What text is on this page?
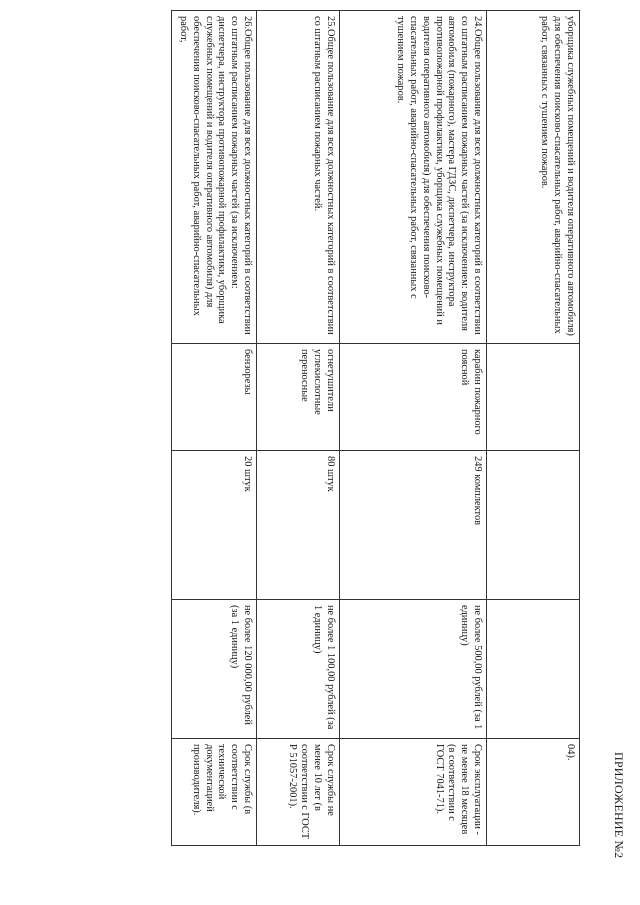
ПРИЛОЖЕНИЕ №2
уборщика служебных помещений и водителя оперативного автомобиля) для обеспечения поисково-спасательных работ, аварийно-спасательных работ, связанных с тушением пожаров.				04).
24.Общее пользование для всех должностных категорий в соответствии со штатным расписанием пожарных частей (за исключением: водителя автомобиля (пожарного), мастера ГДЗС, диспетчера, инструктора противопожарной профилактики, уборщика служебных помещений и водителя оперативного автомобиля) для обеспечения поисково-спасательных работ, аварийно-спасательных работ, связанных с тушением пожаров.	карабин пожарного поясной	249 комплектов	не более 500,00 рублей (за 1 единицу)	Срок эксплуатации - не менее 18 месяцев (в соответствии с ГОСТ 7041-71).
25.Общее пользование для всех должностных категорий в соответствии со штатным расписанием пожарных частей.	огнетушители углекислотные переносные	80 штук	не более 1 100,00 рублей (за 1 единицу)	Срок службы не менее 10 лет (в соответствии с ГОСТ Р 51057-2001).
26.Общее пользование для всех должностных категорий в соответствии со штатным расписанием пожарных частей (за исключением: диспетчера, инструктора противопожарной профилактики, уборщика служебных помещений и водителя оперативного автомобиля) для обеспечения поисково-спасательных работ, аварийно-спасательных работ,	бензорезы	20 штук	не более 120 000,00 рублей (за 1 единицу)	Срок службы (в соответствии с технической документацией производителя).
